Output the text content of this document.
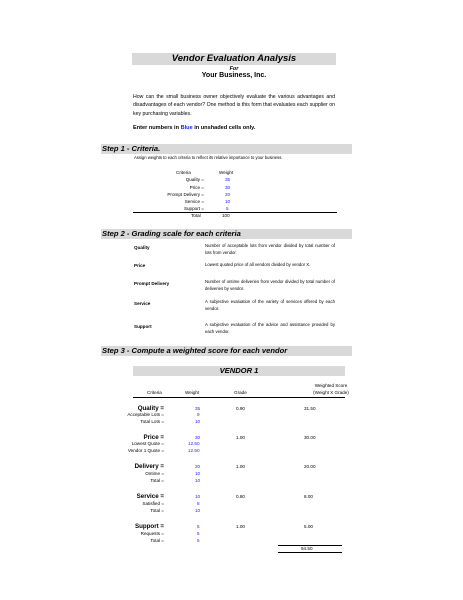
Vendor Evaluation Analysis
For
Your Business, Inc.
How can the small business owner objectively evaluate the various advantages and disadvantages of each vendor? One method is this form that evaluates each supplier on key purchasing variables.
Enter numbers in Blue in unshaded cells only.
Step 1 - Criteria.
Assign weights to each criteria to reflect its relative importance to your business.
Criteria	Weight
Quality =	35
Price =	30
Prompt Delivery =	20
Service =	10
Support =	5
Total	100
Step 2 - Grading scale for each criteria
Quality	Number of acceptable lots from vendor divided by total number of lots from vendor.
Price	Lowest quoted price of all vendors divided by vendor X.
Prompt Delivery	Number of ontime deliveries from vendor divided by total number of deliveries by vendor.
Service	A subjective evaluation of the variety of services offered by each vendor.
Support	A subjective evaluation of the advice and assistance provided by each vendor.
Step 3 - Compute a weighted score for each vendor
VENDOR 1
Weighted Score
(Weight X Grade)
Criteria	Weight	Grade
Quality =	35	0.90	31.50
Acceptable Lots =	9
Total Lots =	10
Price =	30	1.00	30.00
Lowest Quote =	12.50
Vendor 1 Quote =	12.50
Delivery =	20	1.00	20.00
Ontime =	10
Total =	10
Service =	10	0.80	8.00
Satisfied =	8
Total =	10
Support =	5	1.00	5.00
Requests =	5
Total =	5
94.50
